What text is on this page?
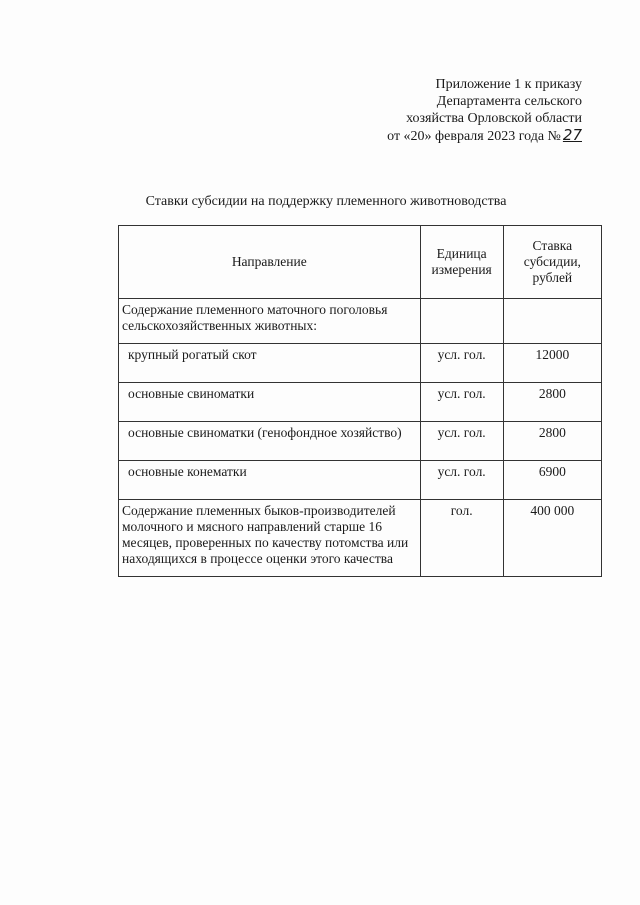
Приложение 1 к приказу
Департамента сельского
хозяйства Орловской области
от «20» февраля 2023 года № 27
Ставки субсидии на поддержку племенного животноводства
Направление	Единица измерения	Ставка субсидии, рублей
Содержание племенного маточного поголовья сельскохозяйственных животных:		
крупный рогатый скот	усл. гол.	12000
основные свиноматки	усл. гол.	2800
основные свиноматки (генофондное хозяйство)	усл. гол.	2800
основные конематки	усл. гол.	6900
Содержание племенных быков-производителей молочного и мясного направлений старше 16 месяцев, проверенных по качеству потомства или находящихся в процессе оценки этого качества	гол.	400 000
